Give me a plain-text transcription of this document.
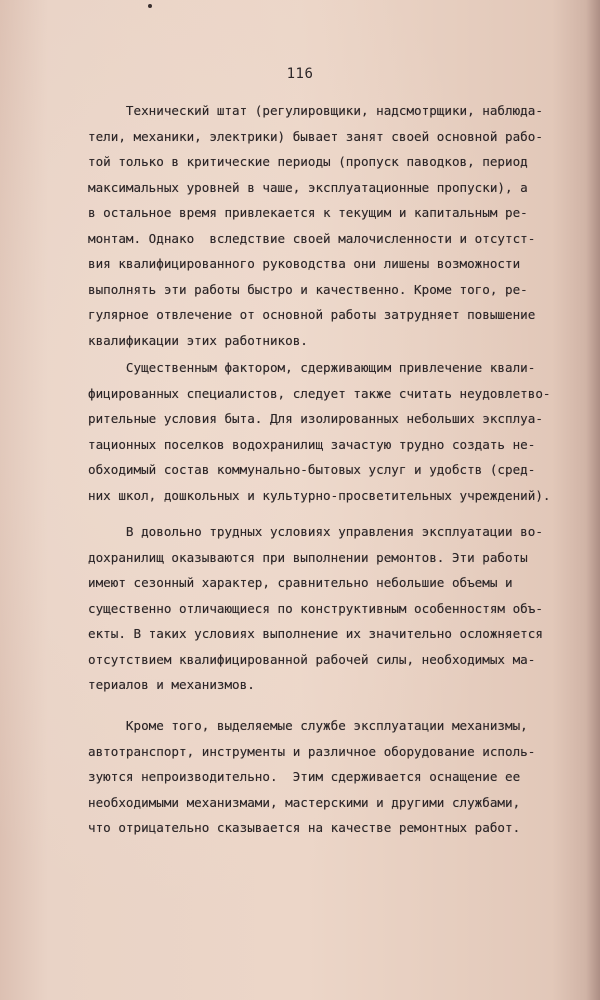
116
Технический штат (регулировщики, надсмотрщики, наблюда-
тели, механики, электрики) бывает занят своей основной рабо-
той только в критические периоды (пропуск паводков, период
максимальных уровней в чаше, эксплуатационные пропуски), а
в остальное время привлекается к текущим и капитальным ре-
монтам. Однако  вследствие своей малочисленности и отсутст-
вия квалифицированного руководства они лишены возможности
выполнять эти работы быстро и качественно. Кроме того, ре-
гулярное отвлечение от основной работы затрудняет повышение
квалификации этих работников.
Существенным фактором, сдерживающим привлечение квали-
фицированных специалистов, следует также считать неудовлетво-
рительные условия быта. Для изолированных небольших эксплуа-
тационных поселков водохранилищ зачастую трудно создать не-
обходимый состав коммунально-бытовых услуг и удобств (сред-
них школ, дошкольных и культурно-просветительных учреждений).
В довольно трудных условиях управления эксплуатации во-
дохранилищ оказываются при выполнении ремонтов. Эти работы
имеют сезонный характер, сравнительно небольшие объемы и
существенно отличающиеся по конструктивным особенностям объ-
екты. В таких условиях выполнение их значительно осложняется
отсутствием квалифицированной рабочей силы, необходимых ма-
териалов и механизмов.
Кроме того, выделяемые службе эксплуатации механизмы,
автотранспорт, инструменты и различное оборудование исполь-
зуются непроизводительно.  Этим сдерживается оснащение ее
необходимыми механизмами, мастерскими и другими службами,
что отрицательно сказывается на качестве ремонтных работ.
